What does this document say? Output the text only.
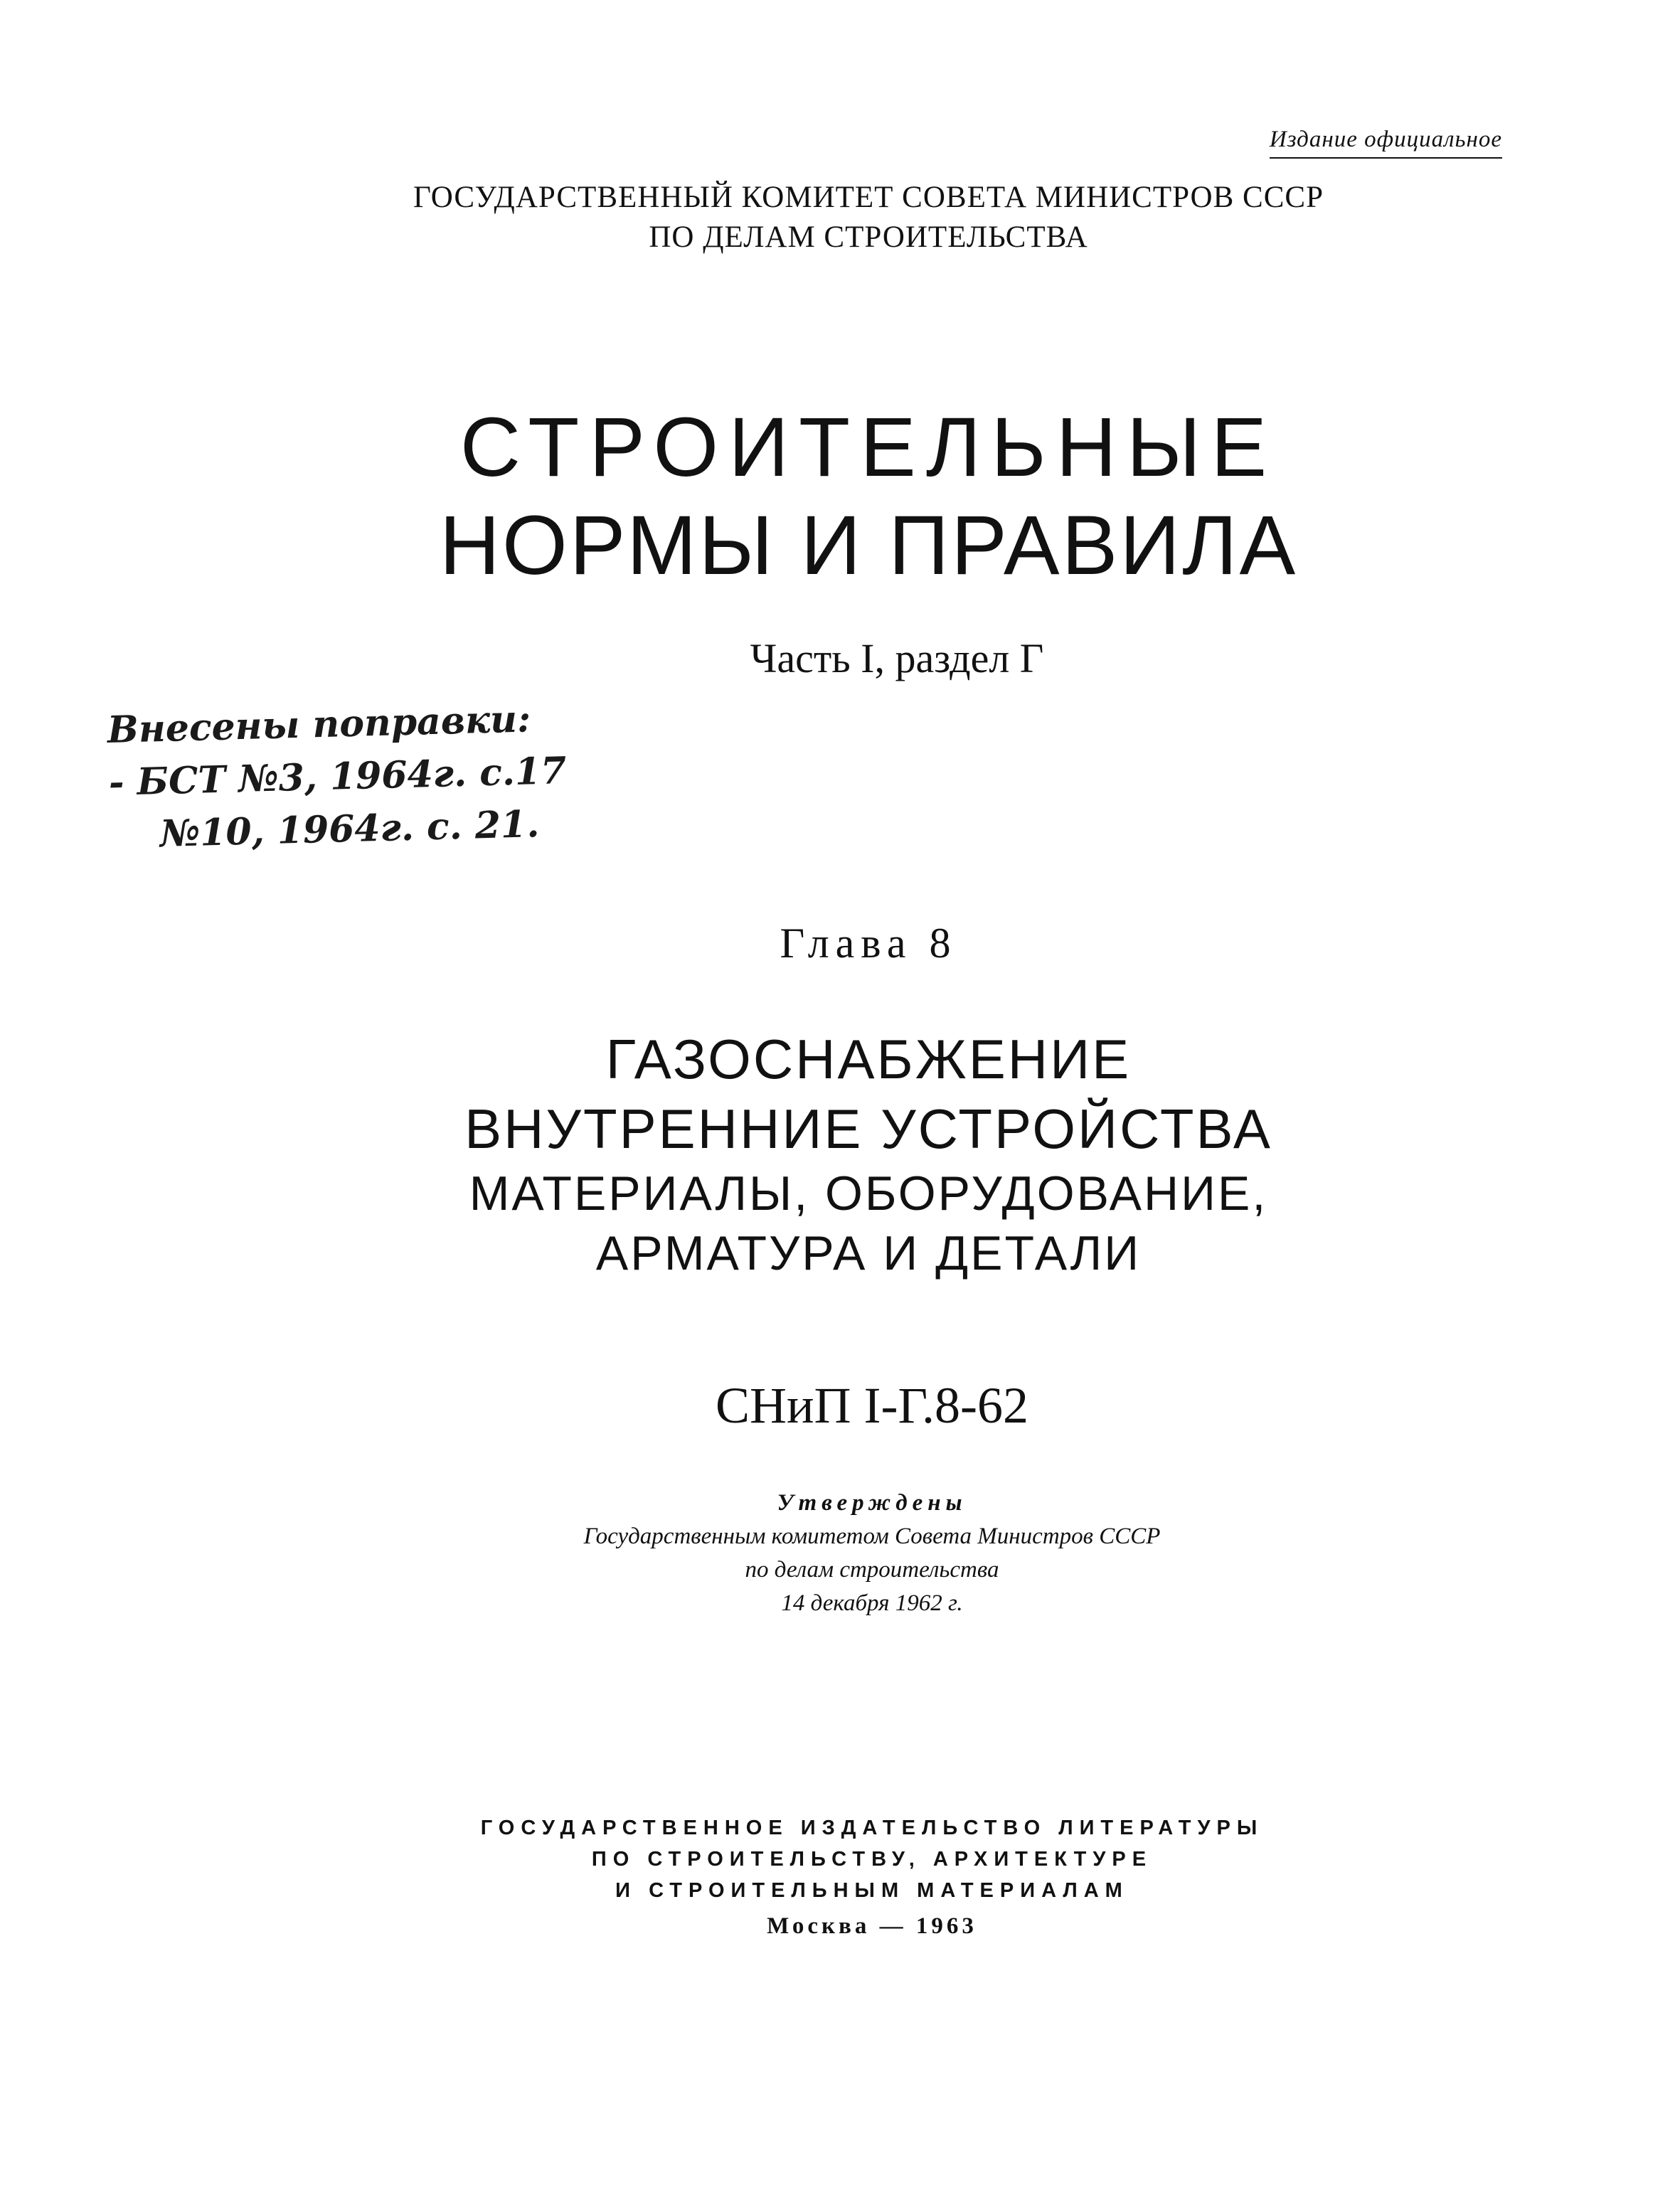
Издание официальное
ГОСУДАРСТВЕННЫЙ КОМИТЕТ СОВЕТА МИНИСТРОВ СССР
ПО ДЕЛАМ СТРОИТЕЛЬСТВА
СТРОИТЕЛЬНЫЕ
НОРМЫ И ПРАВИЛА
Часть I, раздел Г
Внесены поправки:
- БСТ №3, 1964г. с.17
№10, 1964г. с. 21.
Глава 8
ГАЗОСНАБЖЕНИЕ
ВНУТРЕННИЕ УСТРОЙСТВА
МАТЕРИАЛЫ, ОБОРУДОВАНИЕ,
АРМАТУРА И ДЕТАЛИ
СНиП I-Г.8-62
Утверждены
Государственным комитетом Совета Министров СССР
по делам строительства
14 декабря 1962 г.
ГОСУДАРСТВЕННОЕ ИЗДАТЕЛЬСТВО ЛИТЕРАТУРЫ
ПО СТРОИТЕЛЬСТВУ, АРХИТЕКТУРЕ
И СТРОИТЕЛЬНЫМ МАТЕРИАЛАМ
Москва — 1963
